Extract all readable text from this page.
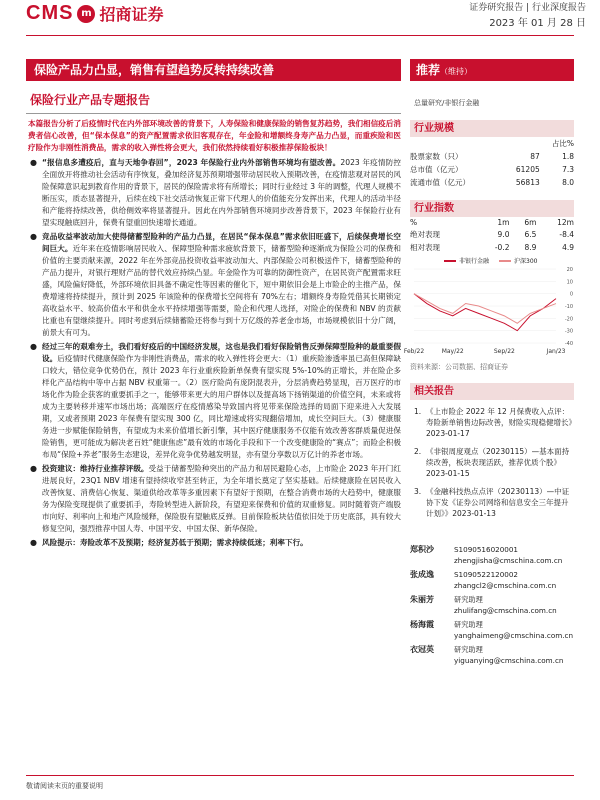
CMS m 招商证券	证券研究报告 | 行业深度报告
2023 年 01 月 28 日
保险产品力凸显，销售有望趋势反转持续改善	推荐（维持）
保险行业产品专题报告	总量研究/非银行金融

本篇报告分析了后疫情时代在内外部环境改善的背景下，人寿保险和健康保险的销售复苏趋势，我们相信疫后消费者信心改善，但“保本保息”的资产配置需求依旧客观存在，年金险和增额终身寿产品力凸显，而重疾险和医疗险作为非刚性消费品，需求的收入弹性将会更大，我们依然持续看好积极推荐保险板块！

● “报信息多遭疫后，直与天地争春回”，2023 年保险行业内外部销售环境均有望改善。2023 年疫情防控全面放开将推动社会活动有序恢复，叠加经济复苏预期增强带动居民收入预期改善，在疫情悲观对居民的风险保障意识起到教育作用的背景下，居民的保险需求将有所增长；同时行业经过 3 年的调整，代理人规模不断压实，质态显著提升，后续在线下社交活动恢复正常下代理人的价值能充分发挥出来，代理人的活动半径和产能将持续改善，供给侧效率将显著提升。因此在内外部销售环境同步改善背景下，2023 年保险行业有望实现触底回升，保费有望重回快速增长通道。
● 竞品收益率波动加大使得储蓄型险种的产品力凸显，在居民“保本保息”需求依旧旺盛下，后续保费增长空间巨大。近年来在疫情影响居民收入、保障型险种需求疲软背景下，储蓄型险种逐渐成为保险公司的保费和价值的主要贡献来源，2022 年在外部竞品投资收益率波动加大、内部保险公司积极送件下，储蓄型险种的产品力提升，对银行理财产品的替代效应持续凸显。年金险作为可靠的防御性资产，在居民资产配置需求旺盛，风险偏好降低，外部环境依旧具备不确定性等因素的催化下，短中期依旧会是上市险企的主推产品，保费增速将持续提升，预计到 2025 年该险种的保费增长空间将有 70%左右；增额终身寿险凭借其长期锁定高收益水平、较高价值水平和供金水平持续增强等需要，险企和代理人选择，对险企的保费和 NBV 的贡献比重也有望继续提升。同时考虑到后续储蓄险还将参与到十万亿级的养老金市场，市场规模依旧十分广阔，前景大有可为。
● 经过三年的艰难夯土，我们看好疫后的中国经济发展，这也是我们看好保险销售反弹保障型险种的最重要假设。后疫情时代健康保险作为非刚性消费品，需求的收入弹性将会更大：（1）重疾险渗透率虽已高但保障缺口较大，错位竞争优势仍在，预计 2023 年行业重疾险新单保费有望实现 5%-10%的正增长，并在险企多样化产品结构中等中占据 NBV 权重第一。（2）医疗险尚有庞阴混表升，分层消费趋势显现，百万医疗的市场化作为险企获客的重要抓手之一，能够带来更大的用户群体以及提高场下扬销渠道的价值空间，未来或将成为主要转移并速军市场出场；高端医疗在疫情感染导致国内将见带来保险选择的局面下迎来进入大发展期，又或者预期 2023 年保费有望实现 300 亿，同比增速或将实现翻倍增加，成长空间巨大。（3）健康服务进一步赋能保险销售，有望成为未来价值增长新引擎，其中医疗健康服务不仅能有效改善客群质量促进保险销售，更可能成为解决老百姓“健康焦虑”最有效的市场化手段和下一个改变健康险的“赛点”；而险企积极布局“保险+养老”服务生态建设，差异化竞争优势越发明显，亦有望分享数以万亿计的养老市场。
● 投资建议：维持行业推荐评级。受益于储蓄型险种突出的产品力和居民避险心态，上市险企 2023 年开门红进展良好，23Q1 NBV 增速有望持续收窄甚至转正，为全年增长奠定了坚实基础。后续健康险在居民收入改善恢复、消费信心恢复、渠道供给改革等多重因素下有望好于预期，在整合消费市场的大趋势中，健康服务为保险变现提供了重要抓手，寿险转型进入新阶段，有望迎来保费和价值的双重修复。同时随着资产端股市向好、利率向上和地产风险缓释，保险股有望触底反弹。目前保险板块估值依旧处于历史底部，具有较大修复空间，强烈推荐中国人寿、中国平安、中国太保、新华保险。
● 风险提示：寿险改革不及预期；经济复苏低于预期；需求持续低迷；利率下行。
行业规模
		占比%
股票家数（只）	87	1.8
总市值（亿元）	61205	7.3
流通市值（亿元）	56813	8.0
行业指数
%	1m	6m	12m
绝对表现	9.0	6.5	-8.4
相对表现	-0.2	8.9	4.9
非银行金融	沪深300
20
10
0
-10
-20
-30
-40
Feb/22	May/22	Sep/22	Jan/23
资料来源：公司数据、招商证券
相关报告
1. 《上市险企 2022 年 12 月保费收入点评：寿险新单销售边际改善，财险实现稳健增长》2023-01-17
2. 《非银周度观点（20230115）—基本面持续改善，板块表现活跃，推荐优质个股》2023-01-15
3. 《金融科技热点点评（20230113）—中证协下发《证券公司网络和信息安全三年提升计划》》2023-01-13
郑积沙	S1090516020001
zhengjisha@cmschina.com.cn
张成逸	S1090522120002
zhangcl2@cmschina.com.cn
朱丽芳	研究助理
zhulifang@cmschina.com.cn
杨海霞	研究助理
yanghaimeng@cmschina.com.cn
衣冠英	研究助理
yiguanying@cmschina.com.cn
敬请阅读末页的重要说明
